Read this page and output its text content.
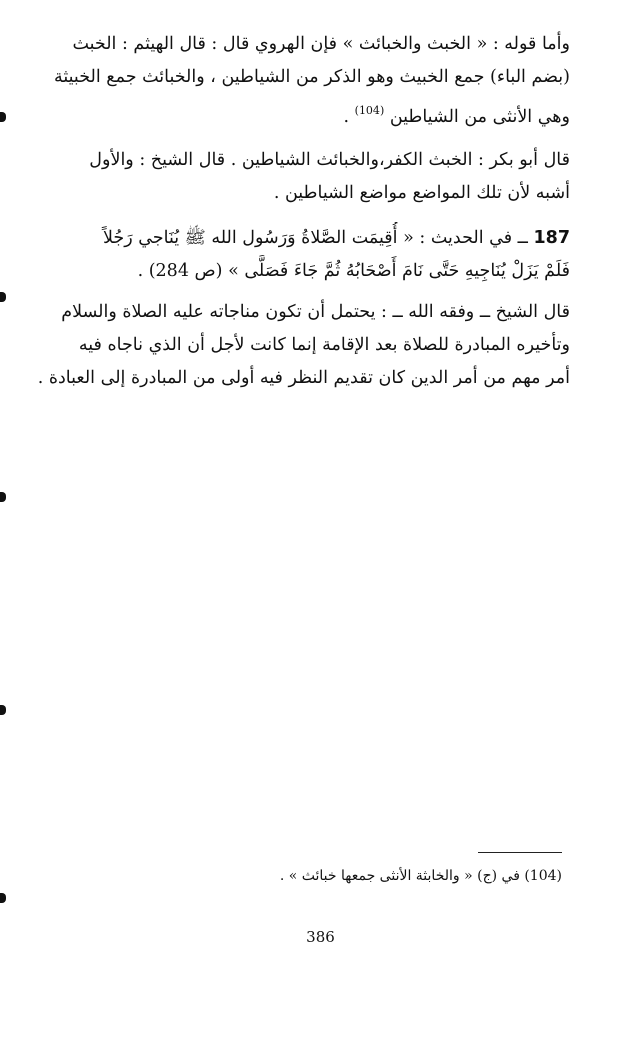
وأما قوله : « الخبث والخبائث » فإن الهروي قال : قال الهيثم : الخبث
(بضم الباء) جمع الخبيث وهو الذكر من الشياطين ، والخبائث جمع الخبيثة
وهي الأنثى من الشياطين $^{(104)}$ .
قال أبو بكر : الخبث الكفر،والخبائث الشياطين . قال الشيخ : والأول
أشبه لأن تلك المواضع مواضع الشياطين .
187 ــ في الحديث : « أُقِيمَت الصَّلاةُ وَرَسُول الله ﷺ يُنَاجي رَجُلاً
فَلَمْ يَزَلْ يُنَاجِيهِ حَتَّى نَامَ أَصْحَابُهُ ثُمَّ جَاءَ فَصَلَّى » (ص 284) .
قال الشيخ ــ وفقه الله ــ : يحتمل أن تكون مناجاته عليه الصلاة والسلام
وتأخيره المبادرة للصلاة بعد الإقامة إنما كانت لأجل أن الذي ناجاه فيه
أمر مهم من أمر الدين كان تقديم النظر فيه أولى من المبادرة إلى العبادة .
(104) في (ج) « والخابثة الأنثى جمعها خبائث » .
386
